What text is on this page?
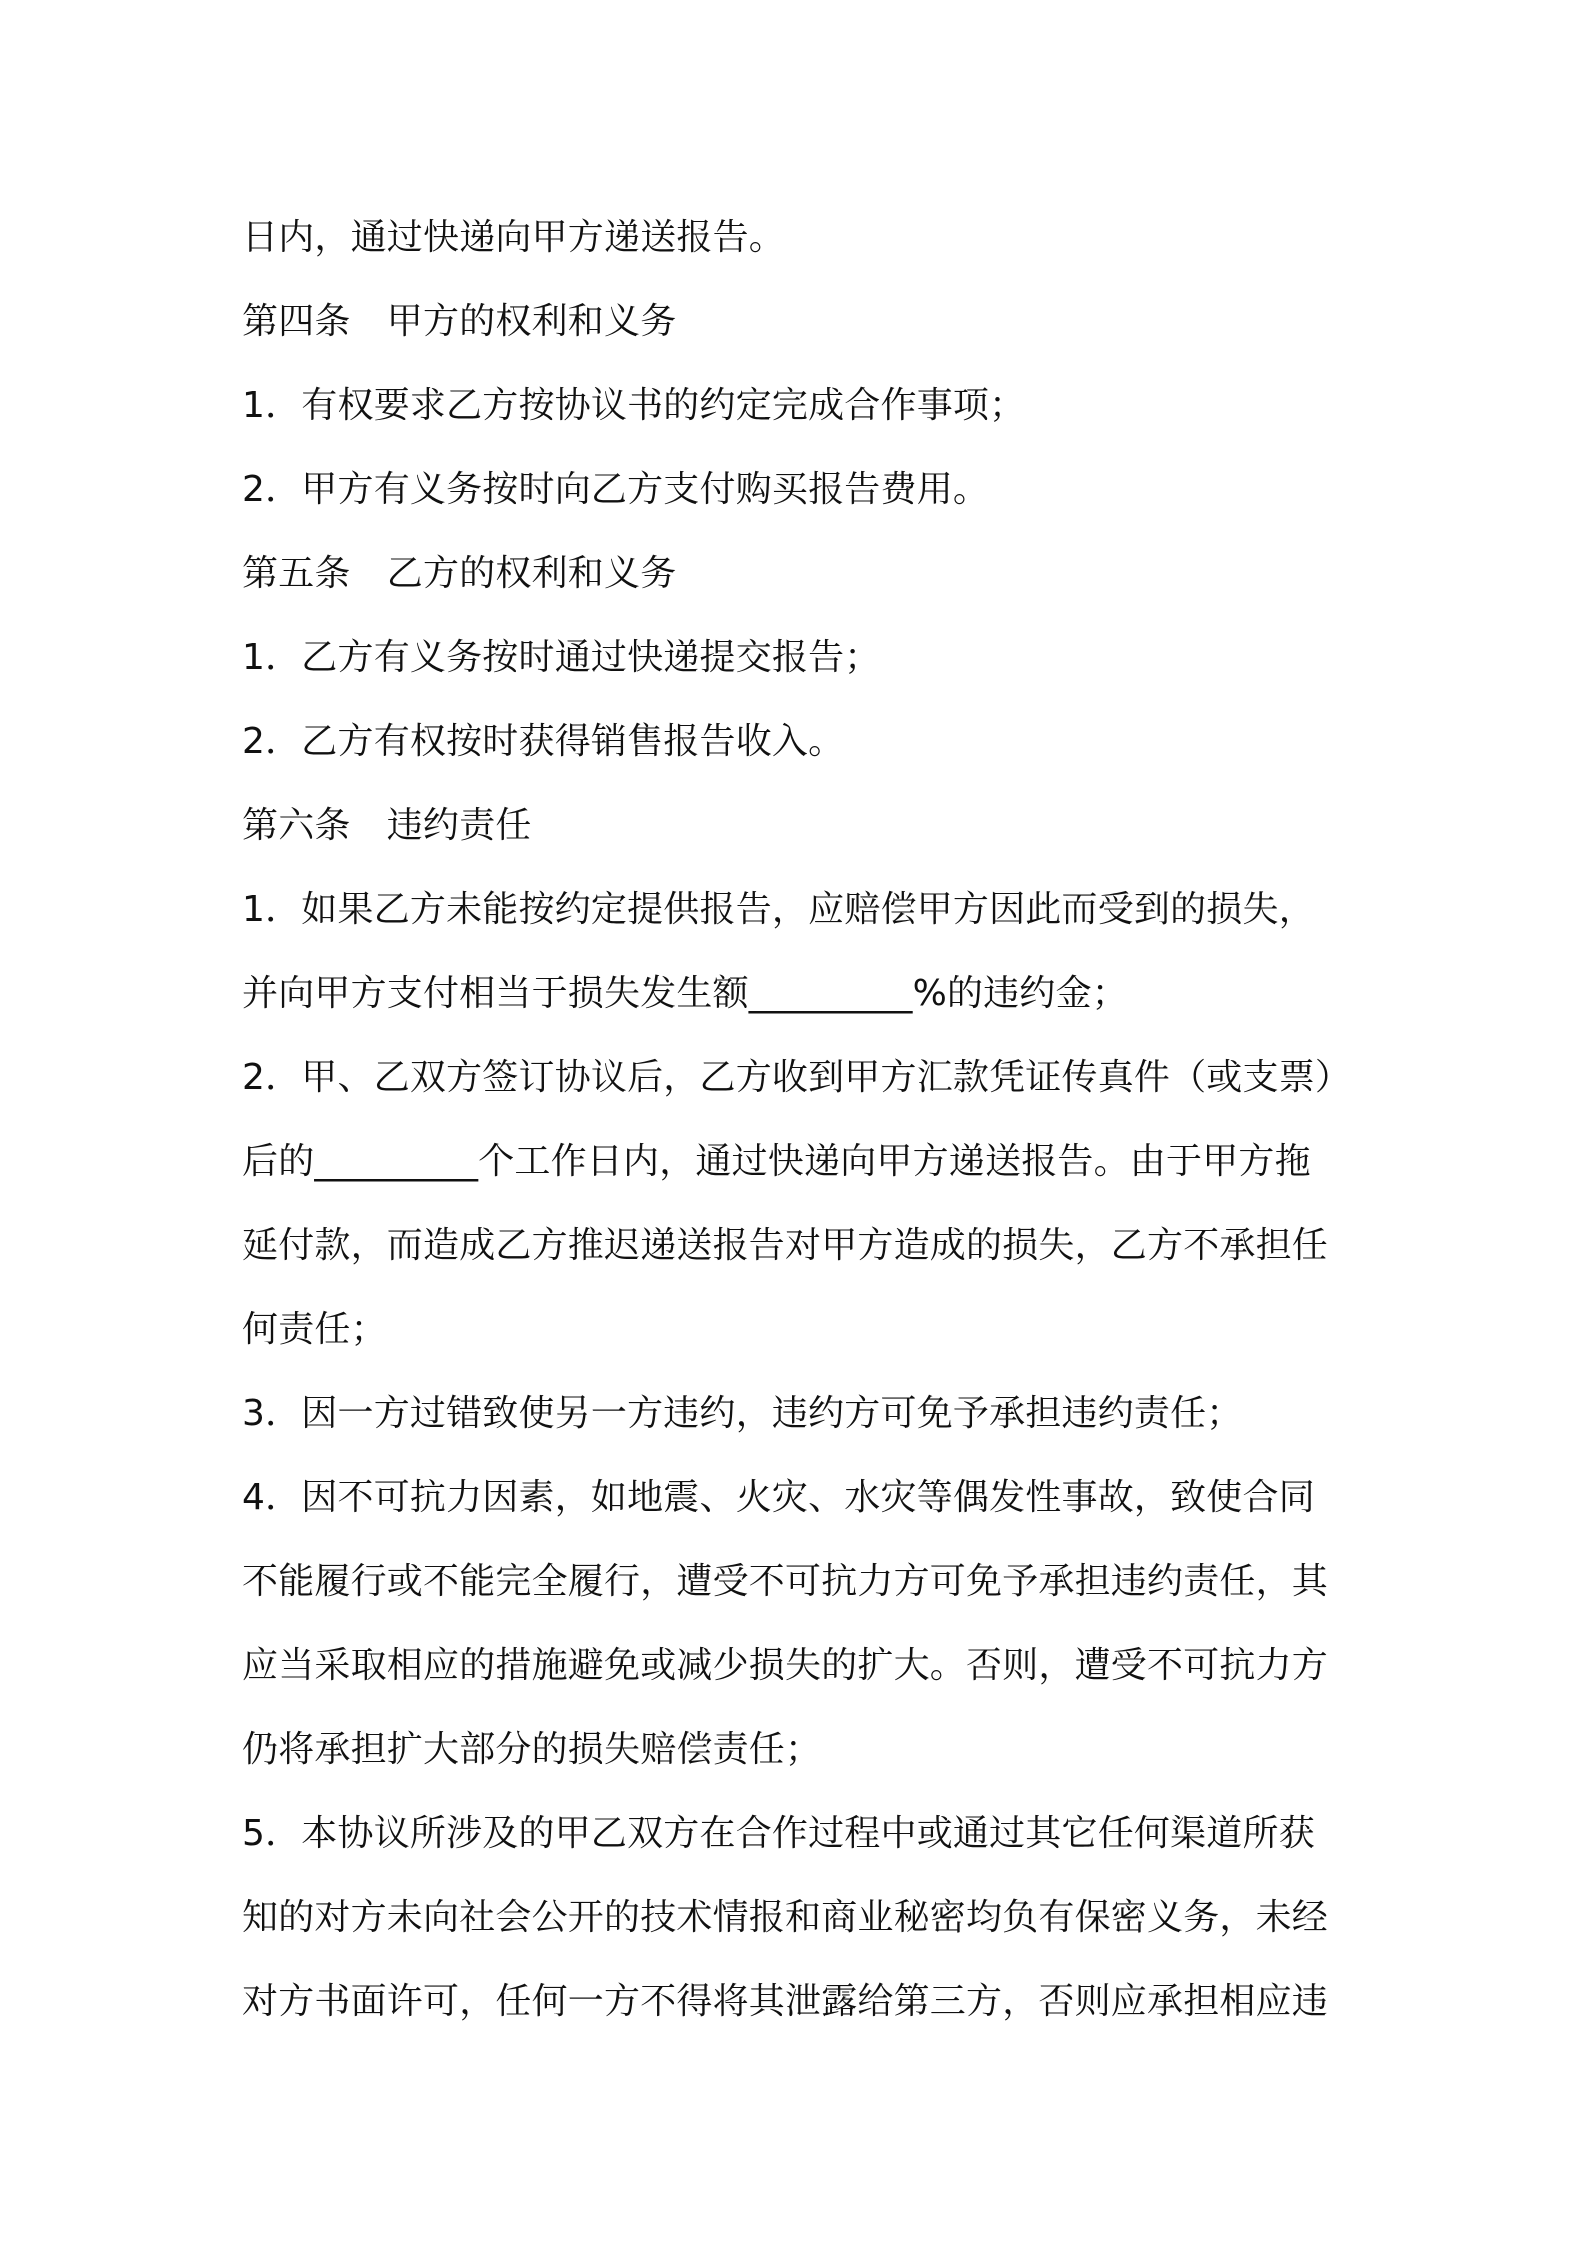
日内，通过快递向甲方递送报告。
第四条　甲方的权利和义务
1．有权要求乙方按协议书的约定完成合作事项；
2．甲方有义务按时向乙方支付购买报告费用。
第五条　乙方的权利和义务
1．乙方有义务按时通过快递提交报告；
2．乙方有权按时获得销售报告收入。
第六条　违约责任
1．如果乙方未能按约定提供报告，应赔偿甲方因此而受到的损失，
并向甲方支付相当于损失发生额_________%的违约金；
2．甲、乙双方签订协议后，乙方收到甲方汇款凭证传真件（或支票）
后的_________个工作日内，通过快递向甲方递送报告。由于甲方拖
延付款，而造成乙方推迟递送报告对甲方造成的损失，乙方不承担任
何责任；
3．因一方过错致使另一方违约，违约方可免予承担违约责任；
4．因不可抗力因素，如地震、火灾、水灾等偶发性事故，致使合同
不能履行或不能完全履行，遭受不可抗力方可免予承担违约责任，其
应当采取相应的措施避免或减少损失的扩大。否则，遭受不可抗力方
仍将承担扩大部分的损失赔偿责任；
5．本协议所涉及的甲乙双方在合作过程中或通过其它任何渠道所获
知的对方未向社会公开的技术情报和商业秘密均负有保密义务，未经
对方书面许可，任何一方不得将其泄露给第三方，否则应承担相应违
